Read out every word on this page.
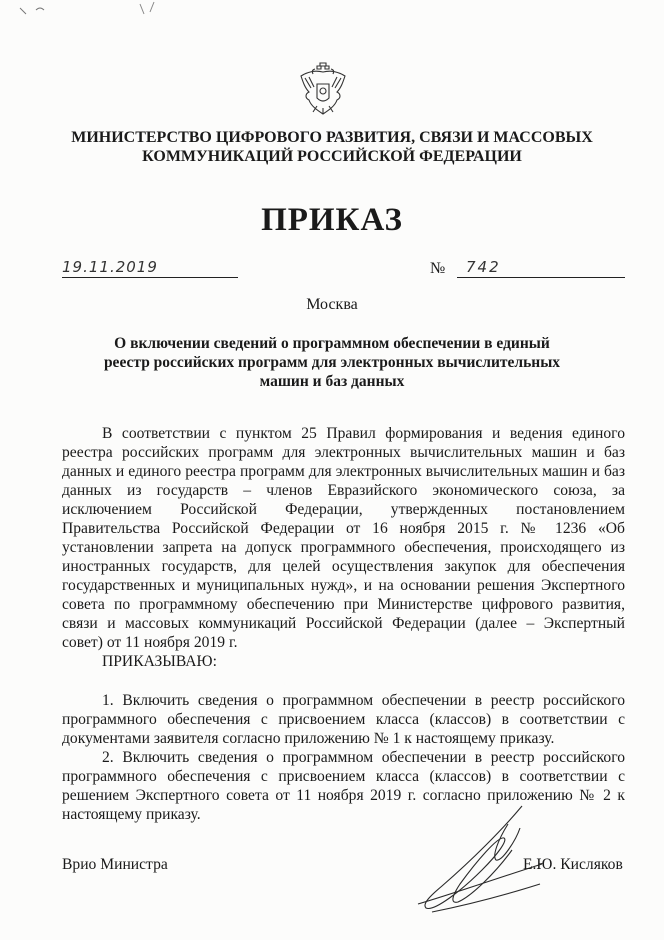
МИНИСТЕРСТВО ЦИФРОВОГО РАЗВИТИЯ, СВЯЗИ И МАССОВЫХ КОММУНИКАЦИЙ РОССИЙСКОЙ ФЕДЕРАЦИИ
ПРИКАЗ
19.11.2019	№ 742
Москва
О включении сведений о программном обеспечении в единый реестр российских программ для электронных вычислительных машин и баз данных

В соответствии с пунктом 25 Правил формирования и ведения единого реестра российских программ для электронных вычислительных машин и баз данных и единого реестра программ для электронных вычислительных машин и баз данных из государств – членов Евразийского экономического союза, за исключением Российской Федерации, утвержденных постановлением Правительства Российской Федерации от 16 ноября 2015 г. № 1236 «Об установлении запрета на допуск программного обеспечения, происходящего из иностранных государств, для целей осуществления закупок для обеспечения государственных и муниципальных нужд», и на основании решения Экспертного совета по программному обеспечению при Министерстве цифрового развития, связи и массовых коммуникаций Российской Федерации (далее – Экспертный совет) от 11 ноября 2019 г.

ПРИКАЗЫВАЮ:

1. Включить сведения о программном обеспечении в реестр российского программного обеспечения с присвоением класса (классов) в соответствии с документами заявителя согласно приложению № 1 к настоящему приказу.

2. Включить сведения о программном обеспечении в реестр российского программного обеспечения с присвоением класса (классов) в соответствии с решением Экспертного совета от 11 ноября 2019 г. согласно приложению № 2 к настоящему приказу.

Врио Министра	Е.Ю. Кисляков
